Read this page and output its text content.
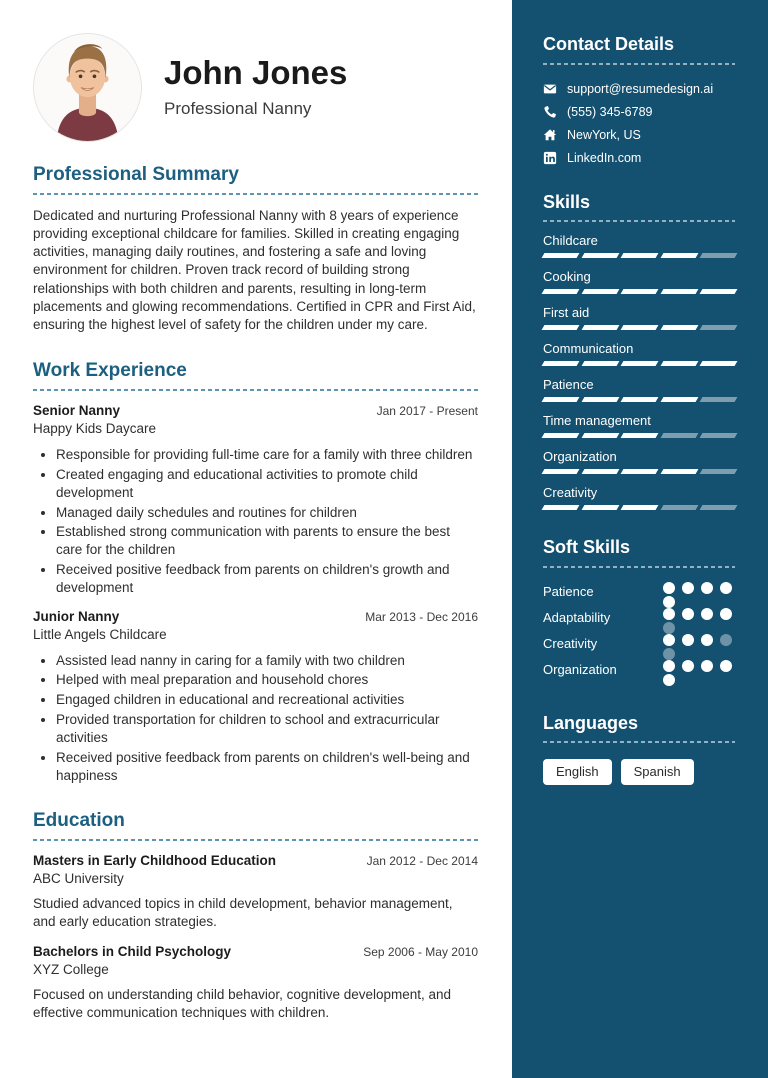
John Jones
Professional Nanny
Professional Summary

Dedicated and nurturing Professional Nanny with 8 years of experience providing exceptional childcare for families. Skilled in creating engaging activities, managing daily routines, and fostering a safe and loving environment for children. Proven track record of building strong relationships with both children and parents, resulting in long-term placements and glowing recommendations. Certified in CPR and First Aid, ensuring the highest level of safety for the children under my care.

Work Experience
Senior Nanny	Jan 2017 - Present
Happy Kids Daycare
• Responsible for providing full-time care for a family with three children
• Created engaging and educational activities to promote child development
• Managed daily schedules and routines for children
• Established strong communication with parents to ensure the best care for the children
• Received positive feedback from parents on children's growth and development
Junior Nanny	Mar 2013 - Dec 2016
Little Angels Childcare
• Assisted lead nanny in caring for a family with two children
• Helped with meal preparation and household chores
• Engaged children in educational and recreational activities
• Provided transportation for children to school and extracurricular activities
• Received positive feedback from parents on children's well-being and happiness
Education
Masters in Early Childhood Education	Jan 2012 - Dec 2014
ABC University

Studied advanced topics in child development, behavior management, and early education strategies.

Bachelors in Child Psychology	Sep 2006 - May 2010
XYZ College

Focused on understanding child behavior, cognitive development, and effective communication techniques with children.

Contact Details
support@resumedesign.ai
(555) 345-6789
NewYork, US
LinkedIn.com
Skills
Childcare
Cooking
First aid
Communication
Patience
Time management
Organization
Creativity
Soft Skills
Patience
Adaptability
Creativity
Organization
Languages
English	Spanish
